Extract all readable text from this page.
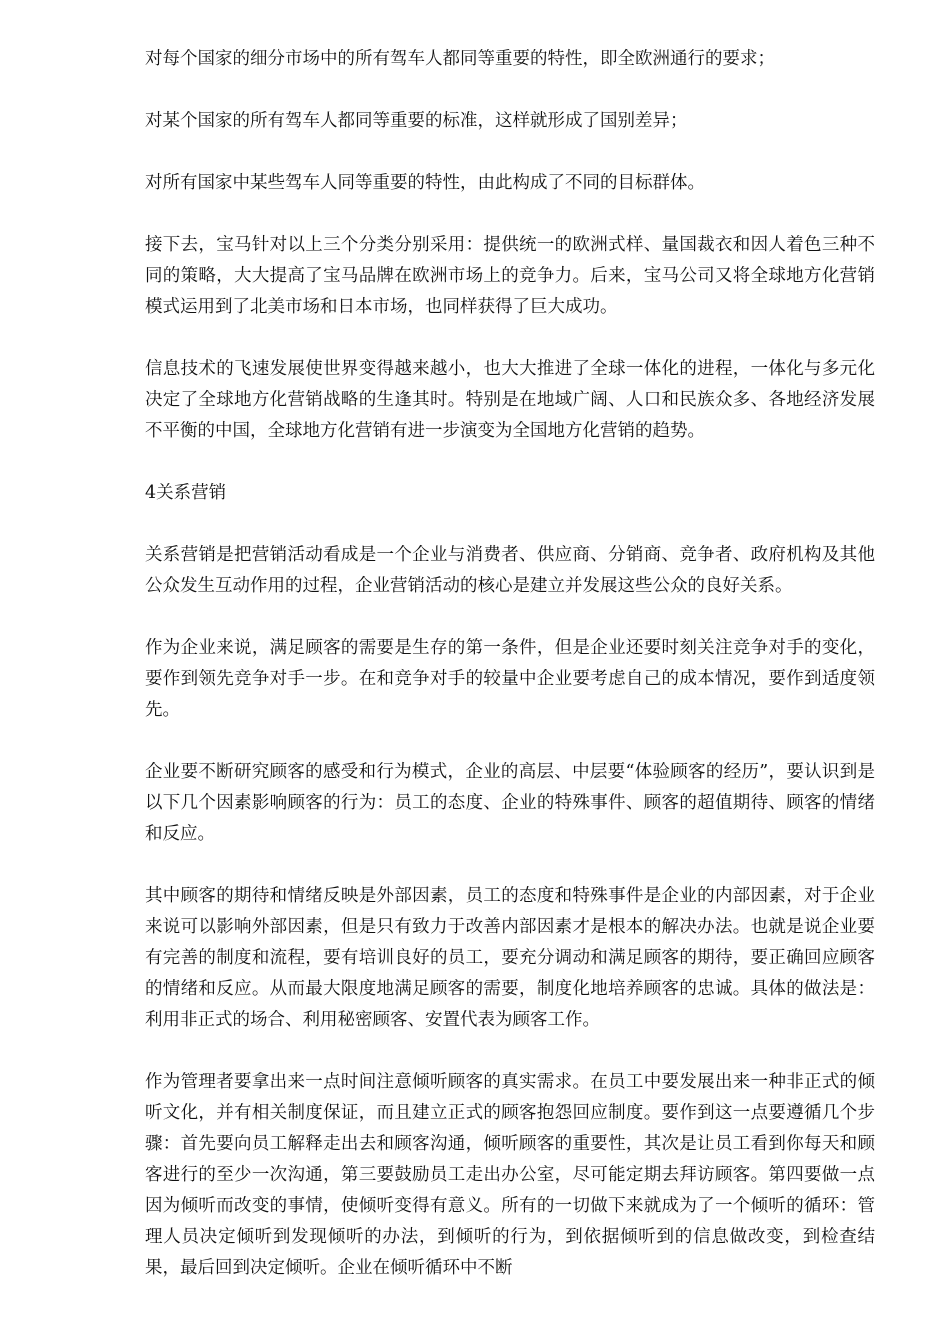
对每个国家的细分市场中的所有驾车人都同等重要的特性，即全欧洲通行的要求；

对某个国家的所有驾车人都同等重要的标准，这样就形成了国别差异；

对所有国家中某些驾车人同等重要的特性，由此构成了不同的目标群体。

接下去，宝马针对以上三个分类分别采用：提供统一的欧洲式样、量国裁衣和因人着色三种不同的策略，大大提高了宝马品牌在欧洲市场上的竞争力。后来，宝马公司又将全球地方化营销模式运用到了北美市场和日本市场，也同样获得了巨大成功。

信息技术的飞速发展使世界变得越来越小，也大大推进了全球一体化的进程，一体化与多元化决定了全球地方化营销战略的生逢其时。特别是在地域广阔、人口和民族众多、各地经济发展不平衡的中国，全球地方化营销有进一步演变为全国地方化营销的趋势。

4关系营销

关系营销是把营销活动看成是一个企业与消费者、供应商、分销商、竞争者、政府机构及其他公众发生互动作用的过程，企业营销活动的核心是建立并发展这些公众的良好关系。

作为企业来说，满足顾客的需要是生存的第一条件，但是企业还要时刻关注竞争对手的变化，要作到领先竞争对手一步。在和竞争对手的较量中企业要考虑自己的成本情况，要作到适度领先。

企业要不断研究顾客的感受和行为模式，企业的高层、中层要“体验顾客的经历”，要认识到是以下几个因素影响顾客的行为：员工的态度、企业的特殊事件、顾客的超值期待、顾客的情绪和反应。

其中顾客的期待和情绪反映是外部因素，员工的态度和特殊事件是企业的内部因素，对于企业来说可以影响外部因素，但是只有致力于改善内部因素才是根本的解决办法。也就是说企业要有完善的制度和流程，要有培训良好的员工，要充分调动和满足顾客的期待，要正确回应顾客的情绪和反应。从而最大限度地满足顾客的需要，制度化地培养顾客的忠诚。具体的做法是：利用非正式的场合、利用秘密顾客、安置代表为顾客工作。

作为管理者要拿出来一点时间注意倾听顾客的真实需求。在员工中要发展出来一种非正式的倾听文化，并有相关制度保证，而且建立正式的顾客抱怨回应制度。要作到这一点要遵循几个步骤：首先要向员工解释走出去和顾客沟通，倾听顾客的重要性，其次是让员工看到你每天和顾客进行的至少一次沟通，第三要鼓励员工走出办公室，尽可能定期去拜访顾客。第四要做一点因为倾听而改变的事情，使倾听变得有意义。所有的一切做下来就成为了一个倾听的循环：管理人员决定倾听到发现倾听的办法，到倾听的行为，到依据倾听到的信息做改变，到检查结果，最后回到决定倾听。企业在倾听循环中不断
